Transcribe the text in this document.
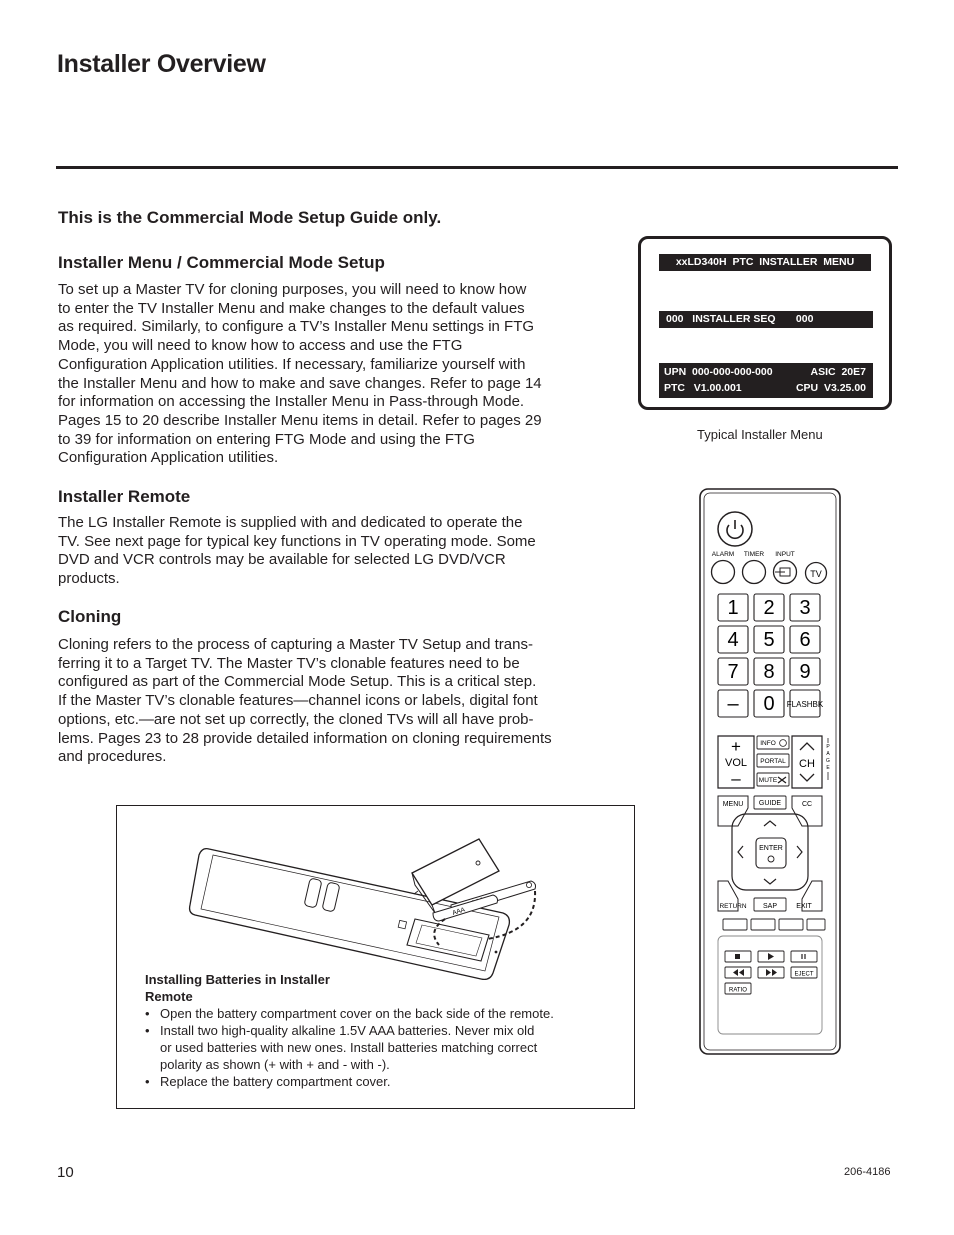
Installer Overview
This is the Commercial Mode Setup Guide only.
Installer Menu / Commercial Mode Setup
To set up a Master TV for cloning purposes, you will need to know how
to enter the TV Installer Menu and make changes to the default values
as required. Similarly, to configure a TV’s Installer Menu settings in FTG
Mode, you will need to know how to access and use the FTG
Configuration Application utilities. If necessary, familiarize yourself with
the Installer Menu and how to make and save changes. Refer to page 14
for information on accessing the Installer Menu in Pass-through Mode.
Pages 15 to 20 describe Installer Menu items in detail. Refer to pages 29
to 39 for information on entering FTG Mode and using the FTG
Configuration Application utilities.
Installer Remote
The LG Installer Remote is supplied with and dedicated to operate the
TV. See next page for typical key functions in TV operating mode. Some
DVD and VCR controls may be available for selected LG DVD/VCR
products.
Cloning
Cloning refers to the process of capturing a Master TV Setup and trans-
ferring it to a Target TV. The Master TV’s clonable features need to be
configured as part of the Commercial Mode Setup. This is a critical step.
If the Master TV’s clonable features—channel icons or labels, digital font
options, etc.—are not set up correctly, the cloned TVs will all have prob-
lems. Pages 23 to 28 provide detailed information on cloning requirements
and procedures.
xxLD340H  PTC  INSTALLER  MENU
000   INSTALLER SEQ       000
UPN  000-000-000-000	ASIC  20E7
PTC   V1.00.001	CPU  V3.25.00
Typical Installer Menu
ALARM TIMER INPUT
TV
1 2 3
4 5 6
7 8 9
– 0 FLASHBK
+
VOL
–
INFO
PORTAL
MUTE
CH
P
A
G
E
MENU GUIDE	CC
ENTER
RETURN SAP	EXIT
EJECT
RATIO
AAA
Installing Batteries in Installer
Remote
• Open the battery compartment cover on the back side of the remote.
• Install two high-quality alkaline 1.5V AAA batteries. Never mix old
or used batteries with new ones. Install batteries matching correct
polarity as shown (+ with + and - with -).
• Replace the battery compartment cover.
10	206-4186
